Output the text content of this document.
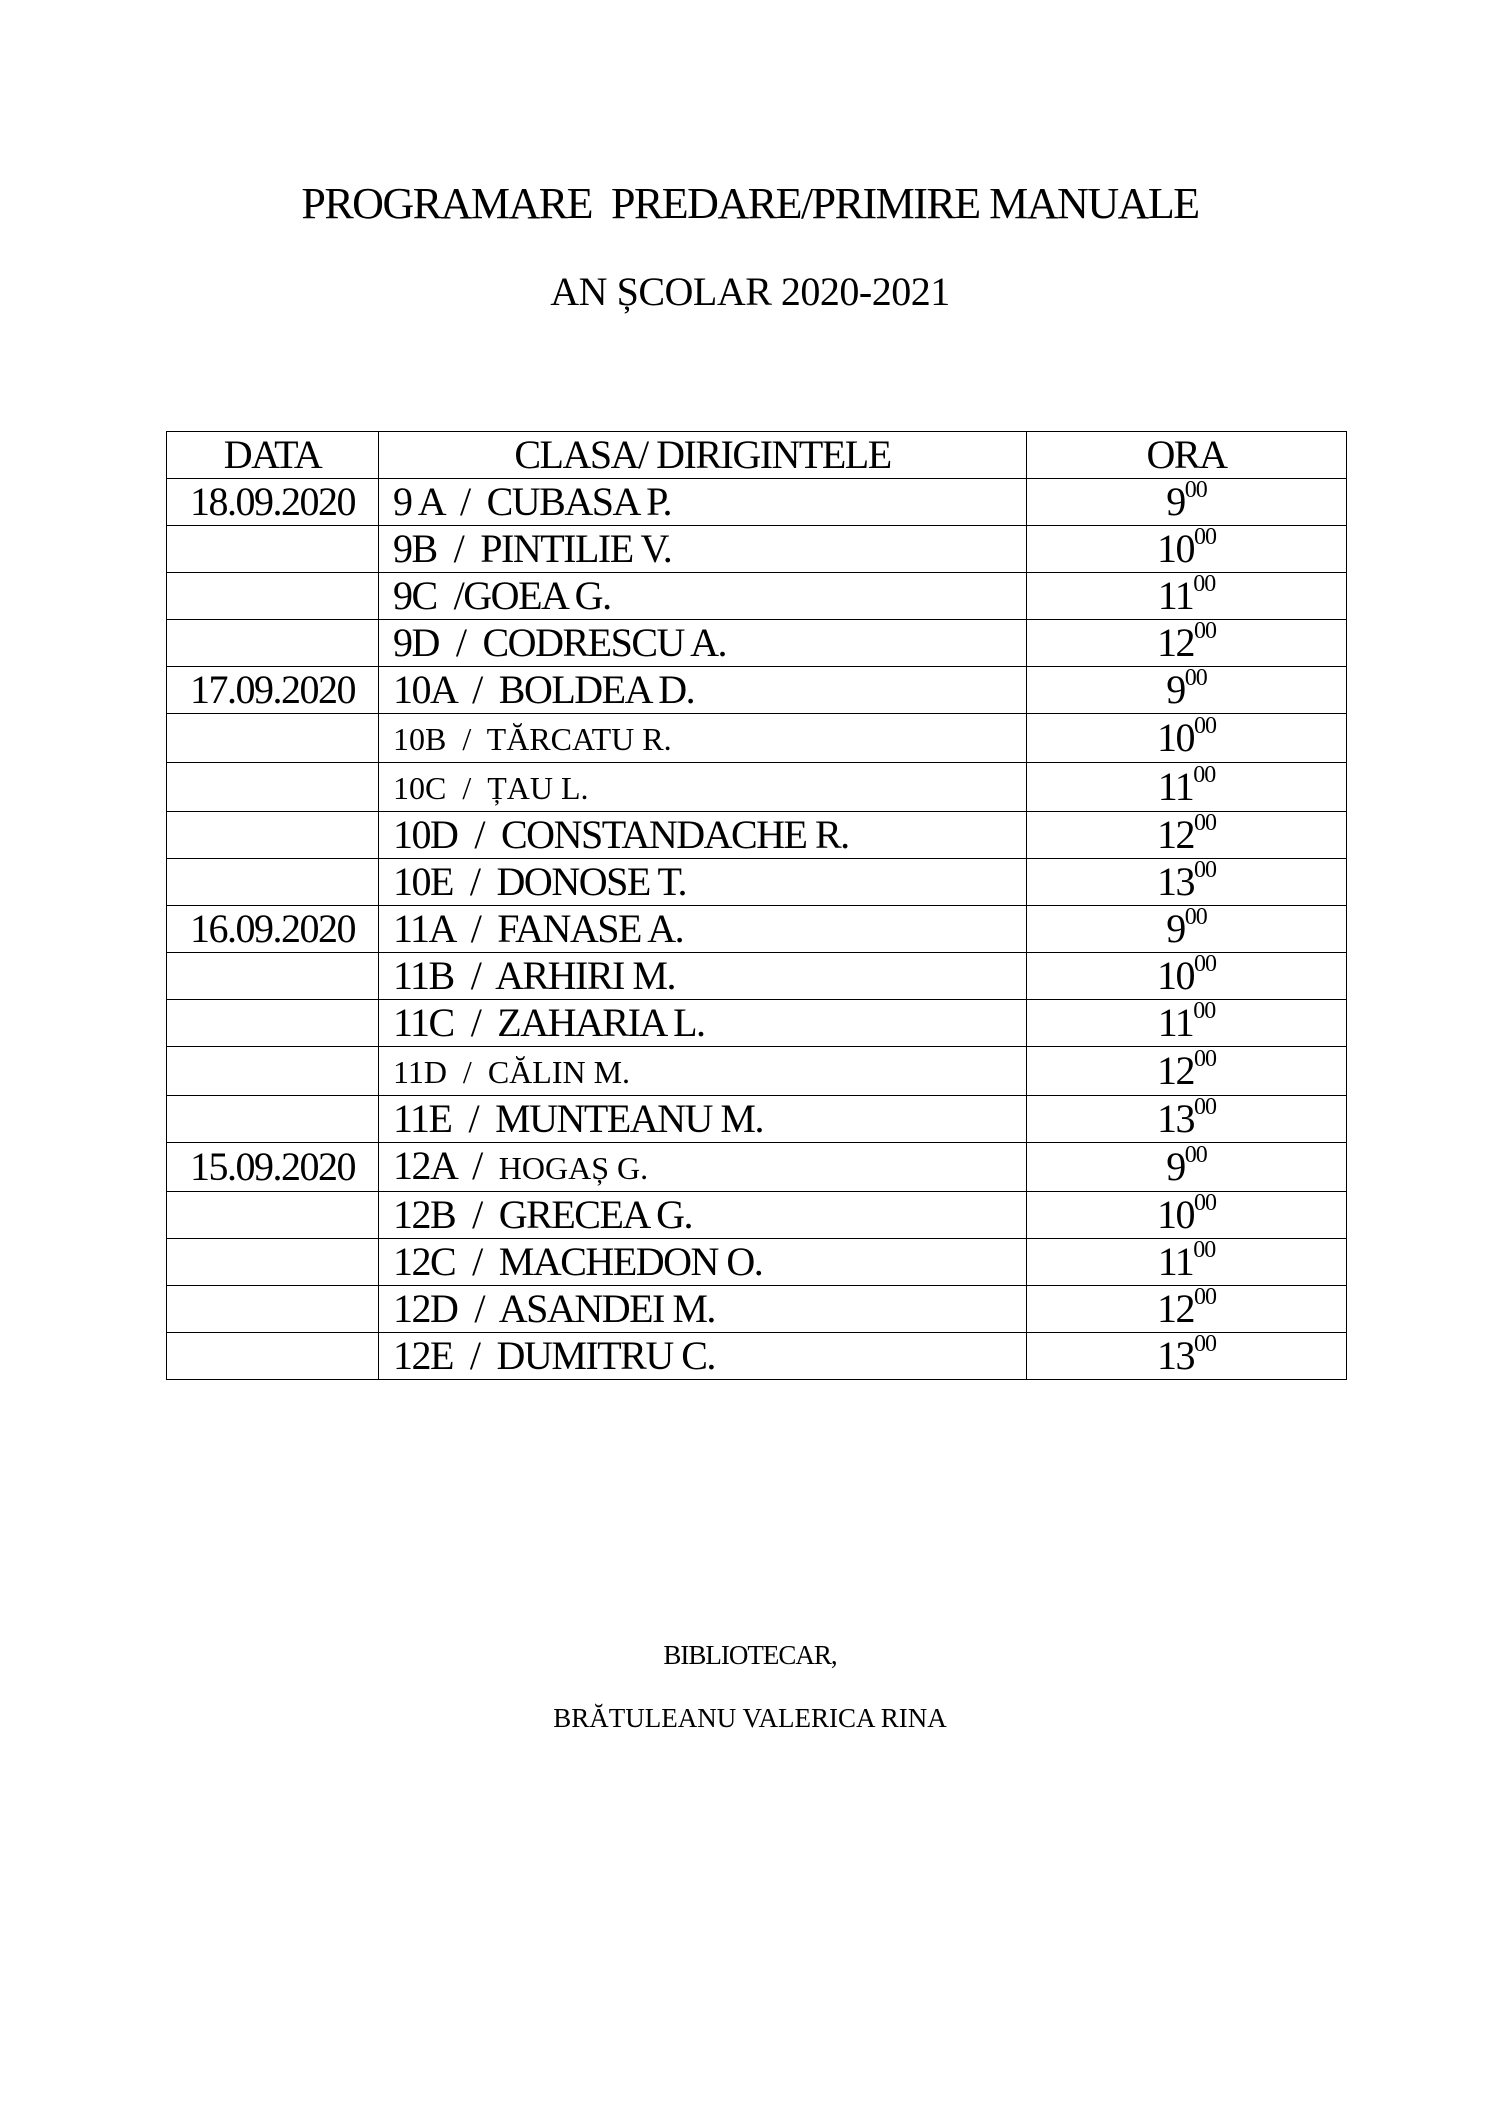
PROGRAMARE  PREDARE/PRIMIRE MANUALE
AN ȘCOLAR 2020-2021
DATA	CLASA/ DIRIGINTELE	ORA
18.09.2020	9 A  /  CUBASA P.	$9^{00}$
	9B  /  PINTILIE V.	$10^{00}$
	9C  /GOEA G.	$11^{00}$
	9D  /  CODRESCU A.	$12^{00}$
17.09.2020	10A  /  BOLDEA D.	$9^{00}$
	10B  /  TĂRCATU R.	$10^{00}$
	10C  /  ȚAU L.	$11^{00}$
	10D  /  CONSTANDACHE R.	$12^{00}$
	10E  /  DONOSE T.	$13^{00}$
16.09.2020	11A  /  FANASE A.	$9^{00}$
	11B  /  ARHIRI M.	$10^{00}$
	11C  /  ZAHARIA L.	$11^{00}$
	11D  /  CĂLIN M.	$12^{00}$
	11E  /  MUNTEANU M.	$13^{00}$
15.09.2020	12A  /  HOGAȘ G.	$9^{00}$
	12B  /  GRECEA G.	$10^{00}$
	12C  /  MACHEDON O.	$11^{00}$
	12D  /  ASANDEI M.	$12^{00}$
	12E  /  DUMITRU C.	$13^{00}$
BIBLIOTECAR,
BRĂTULEANU VALERICA RINA
